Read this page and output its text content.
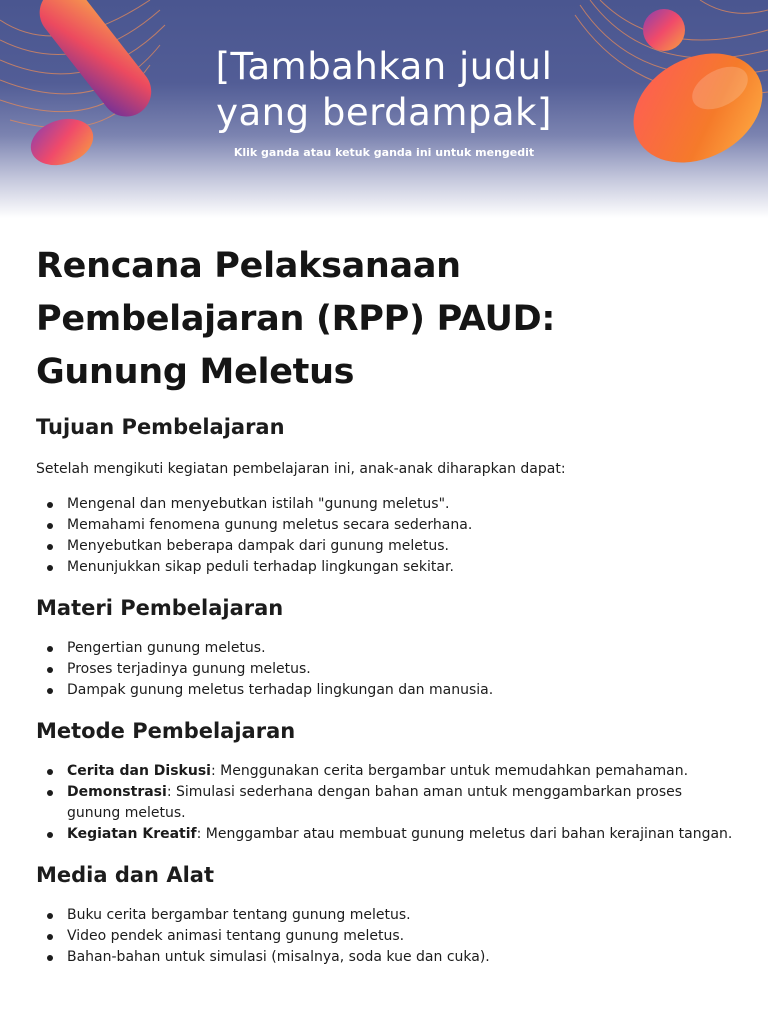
[Tambahkan judul
yang berdampak]
Klik ganda atau ketuk ganda ini untuk mengedit
Rencana Pelaksanaan
Pembelajaran (RPP) PAUD:
Gunung Meletus
Tujuan Pembelajaran

Setelah mengikuti kegiatan pembelajaran ini, anak-anak diharapkan dapat:

Mengenal dan menyebutkan istilah "gunung meletus".
Memahami fenomena gunung meletus secara sederhana.
Menyebutkan beberapa dampak dari gunung meletus.
Menunjukkan sikap peduli terhadap lingkungan sekitar.
Materi Pembelajaran
Pengertian gunung meletus.
Proses terjadinya gunung meletus.
Dampak gunung meletus terhadap lingkungan dan manusia.
Metode Pembelajaran
Cerita dan Diskusi: Menggunakan cerita bergambar untuk memudahkan pemahaman.
Demonstrasi: Simulasi sederhana dengan bahan aman untuk menggambarkan proses gunung meletus.
Kegiatan Kreatif: Menggambar atau membuat gunung meletus dari bahan kerajinan tangan.
Media dan Alat
Buku cerita bergambar tentang gunung meletus.
Video pendek animasi tentang gunung meletus.
Bahan-bahan untuk simulasi (misalnya, soda kue dan cuka).
